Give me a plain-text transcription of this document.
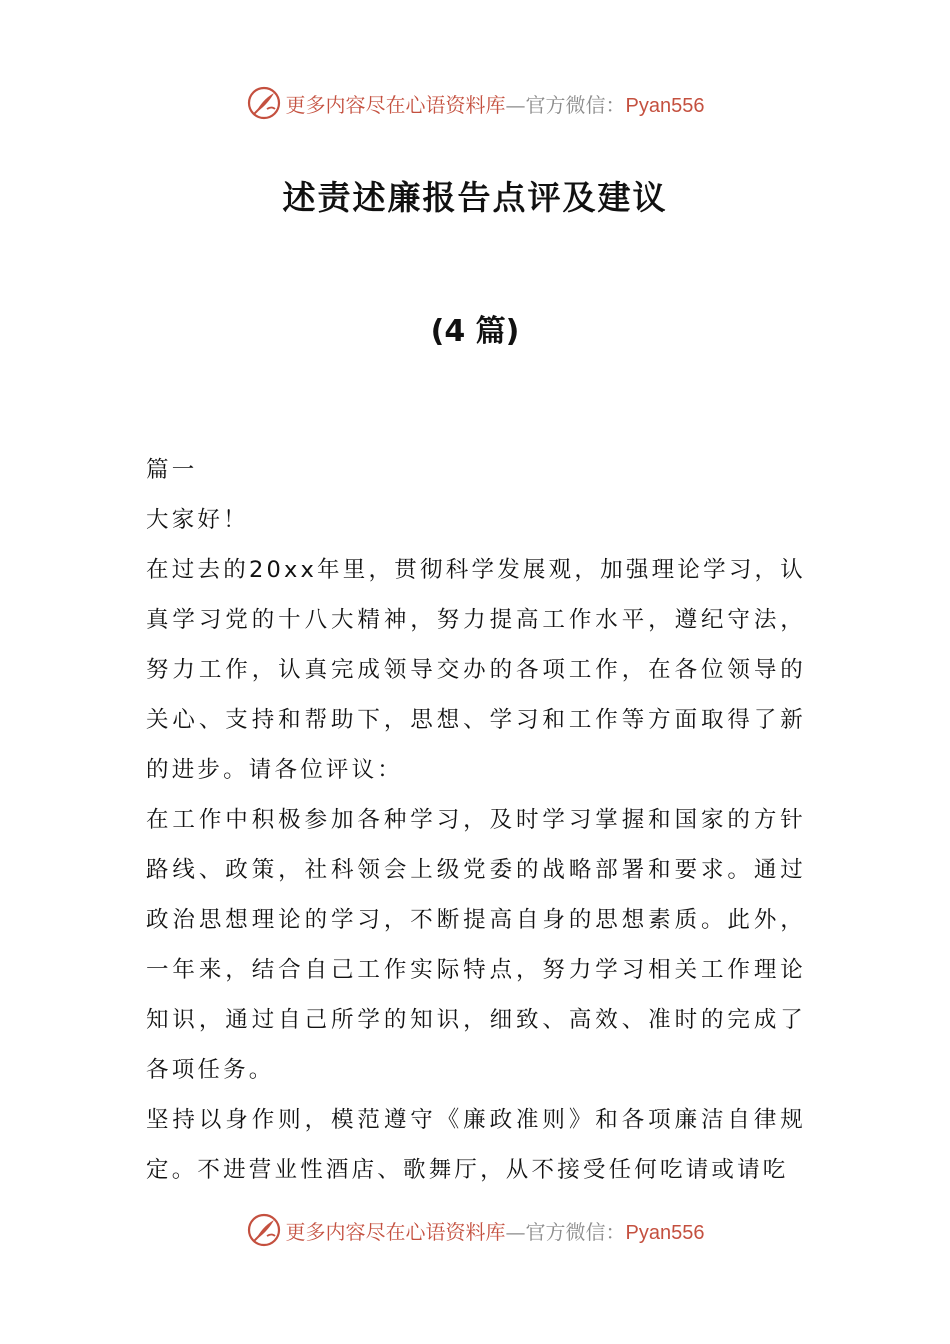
更多内容尽在心语资料库—官方微信：Pyan556
述责述廉报告点评及建议
(4 篇)

篇一

大家好！

在过去的20xx年里，贯彻科学发展观，加强理论学习，认真学习党的十八大精神，努力提高工作水平，遵纪守法，努力工作，认真完成领导交办的各项工作，在各位领导的关心、支持和帮助下，思想、学习和工作等方面取得了新的进步。请各位评议：

在工作中积极参加各种学习，及时学习掌握和国家的方针路线、政策，社科领会上级党委的战略部署和要求。通过政治思想理论的学习，不断提高自身的思想素质。此外，一年来，结合自己工作实际特点，努力学习相关工作理论知识，通过自己所学的知识，细致、高效、准时的完成了各项任务。

坚持以身作则，模范遵守《廉政准则》和各项廉洁自律规定。不进营业性酒店、歌舞厅，从不接受任何吃请或请吃

更多内容尽在心语资料库—官方微信：Pyan556
